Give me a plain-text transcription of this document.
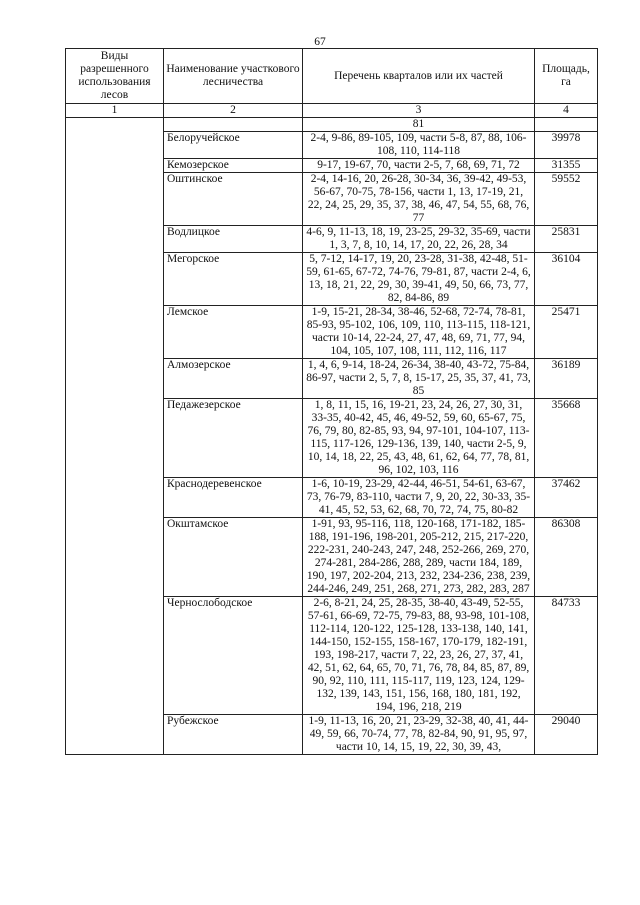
67
Виды разрешенного использования лесов	Наименование участкового лесничества	Перечень кварталов или их частей	Площадь, га
1	2	3	4
		81	
	Белоручейское	2-4, 9-86, 89-105, 109, части 5-8, 87, 88, 106-108, 110, 114-118	39978
	Кемозерское	9-17, 19-67, 70, части 2-5, 7, 68, 69, 71, 72	31355
	Оштинское	2-4, 14-16, 20, 26-28, 30-34, 36, 39-42, 49-53, 56-67, 70-75, 78-156, части 1, 13, 17-19, 21, 22, 24, 25, 29, 35, 37, 38, 46, 47, 54, 55, 68, 76, 77	59552
	Водлицкое	4-6, 9, 11-13, 18, 19, 23-25, 29-32, 35-69, части 1, 3, 7, 8, 10, 14, 17, 20, 22, 26, 28, 34	25831
	Мегорское	5, 7-12, 14-17, 19, 20, 23-28, 31-38, 42-48, 51-59, 61-65, 67-72, 74-76, 79-81, 87, части 2-4, 6, 13, 18, 21, 22, 29, 30, 39-41, 49, 50, 66, 73, 77, 82, 84-86, 89	36104
	Лемское	1-9, 15-21, 28-34, 38-46, 52-68, 72-74, 78-81, 85-93, 95-102, 106, 109, 110, 113-115, 118-121, части 10-14, 22-24, 27, 47, 48, 69, 71, 77, 94, 104, 105, 107, 108, 111, 112, 116, 117	25471
	Алмозерское	1, 4, 6, 9-14, 18-24, 26-34, 38-40, 43-72, 75-84, 86-97, части 2, 5, 7, 8, 15-17, 25, 35, 37, 41, 73, 85	36189
	Педажезерское	1, 8, 11, 15, 16, 19-21, 23, 24, 26, 27, 30, 31, 33-35, 40-42, 45, 46, 49-52, 59, 60, 65-67, 75, 76, 79, 80, 82-85, 93, 94, 97-101, 104-107, 113-115, 117-126, 129-136, 139, 140, части 2-5, 9, 10, 14, 18, 22, 25, 43, 48, 61, 62, 64, 77, 78, 81, 96, 102, 103, 116	35668
	Краснодеревенское	1-6, 10-19, 23-29, 42-44, 46-51, 54-61, 63-67, 73, 76-79, 83-110, части 7, 9, 20, 22, 30-33, 35-41, 45, 52, 53, 62, 68, 70, 72, 74, 75, 80-82	37462
	Окштамское	1-91, 93, 95-116, 118, 120-168, 171-182, 185-188, 191-196, 198-201, 205-212, 215, 217-220, 222-231, 240-243, 247, 248, 252-266, 269, 270, 274-281, 284-286, 288, 289, части 184, 189, 190, 197, 202-204, 213, 232, 234-236, 238, 239, 244-246, 249, 251, 268, 271, 273, 282, 283, 287	86308
	Чернослободское	2-6, 8-21, 24, 25, 28-35, 38-40, 43-49, 52-55, 57-61, 66-69, 72-75, 79-83, 88, 93-98, 101-108, 112-114, 120-122, 125-128, 133-138, 140, 141, 144-150, 152-155, 158-167, 170-179, 182-191, 193, 198-217, части 7, 22, 23, 26, 27, 37, 41, 42, 51, 62, 64, 65, 70, 71, 76, 78, 84, 85, 87, 89, 90, 92, 110, 111, 115-117, 119, 123, 124, 129-132, 139, 143, 151, 156, 168, 180, 181, 192, 194, 196, 218, 219	84733
	Рубежское	1-9, 11-13, 16, 20, 21, 23-29, 32-38, 40, 41, 44-49, 59, 66, 70-74, 77, 78, 82-84, 90, 91, 95, 97, части 10, 14, 15, 19, 22, 30, 39, 43,	29040
